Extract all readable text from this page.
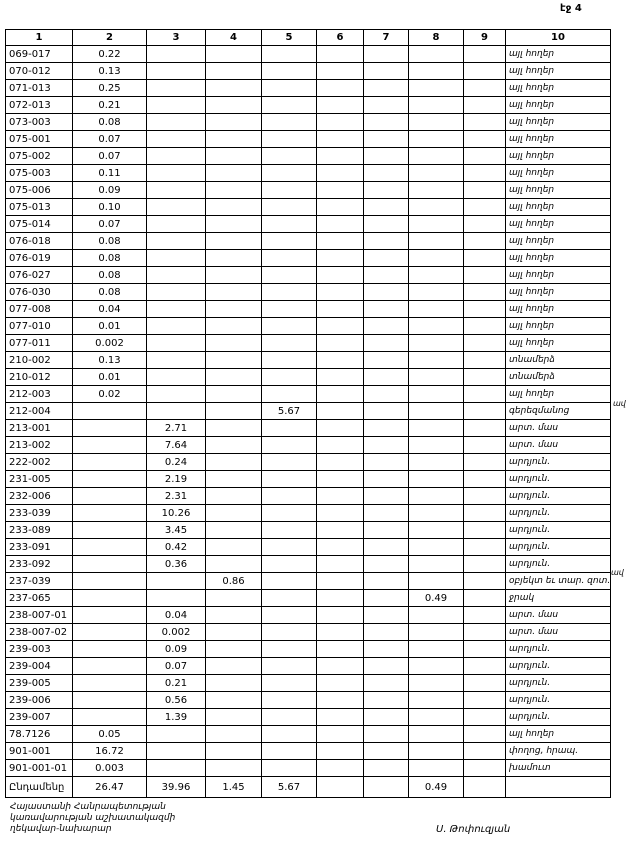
էջ 4
1	2	3	4	5	6	7	8	9	10
069-017	0.22								այլ հողեր
070-012	0.13								այլ հողեր
071-013	0.25								այլ հողեր
072-013	0.21								այլ հողեր
073-003	0.08								այլ հողեր
075-001	0.07								այլ հողեր
075-002	0.07								այլ հողեր
075-003	0.11								այլ հողեր
075-006	0.09								այլ հողեր
075-013	0.10								այլ հողեր
075-014	0.07								այլ հողեր
076-018	0.08								այլ հողեր
076-019	0.08								այլ հողեր
076-027	0.08								այլ հողեր
076-030	0.08								այլ հողեր
077-008	0.04								այլ հողեր
077-010	0.01								այլ հողեր
077-011	0.002								այլ հողեր
210-002	0.13								տնամերձ
210-012	0.01								տնամերձ
212-003	0.02								այլ հողեր
212-004				5.67					գերեզմանոց
213-001		2.71							արտ. մաս
213-002		7.64							արտ. մաս
222-002		0.24							արդյուն.
231-005		2.19							արդյուն.
232-006		2.31							արդյուն.
233-039		10.26							արդյուն.
233-089		3.45							արդյուն.
233-091		0.42							արդյուն.
233-092		0.36							արդյուն.
237-039			0.86						օբյեկտ եւ տար. զոտ.
237-065							0.49		ջրակ
238-007-01		0.04							արտ. մաս
238-007-02		0.002							արտ. մաս
239-003		0.09							արդյուն.
239-004		0.07							արդյուն.
239-005		0.21							արդյուն.
239-006		0.56							արդյուն.
239-007		1.39							արդյուն.
78.7126	0.05								այլ հողեր
901-001	16.72								փողոց, հրապ.
901-001-01	0.003								խամուտ
Ընդամենը	26.47	39.96	1.45	5.67			0.49		
ավ
ավ
Հայաստանի Հանրապետության
կառավարության աշխատակազմի
ղեկավար-նախարար	Ս. Թոփուզյան
